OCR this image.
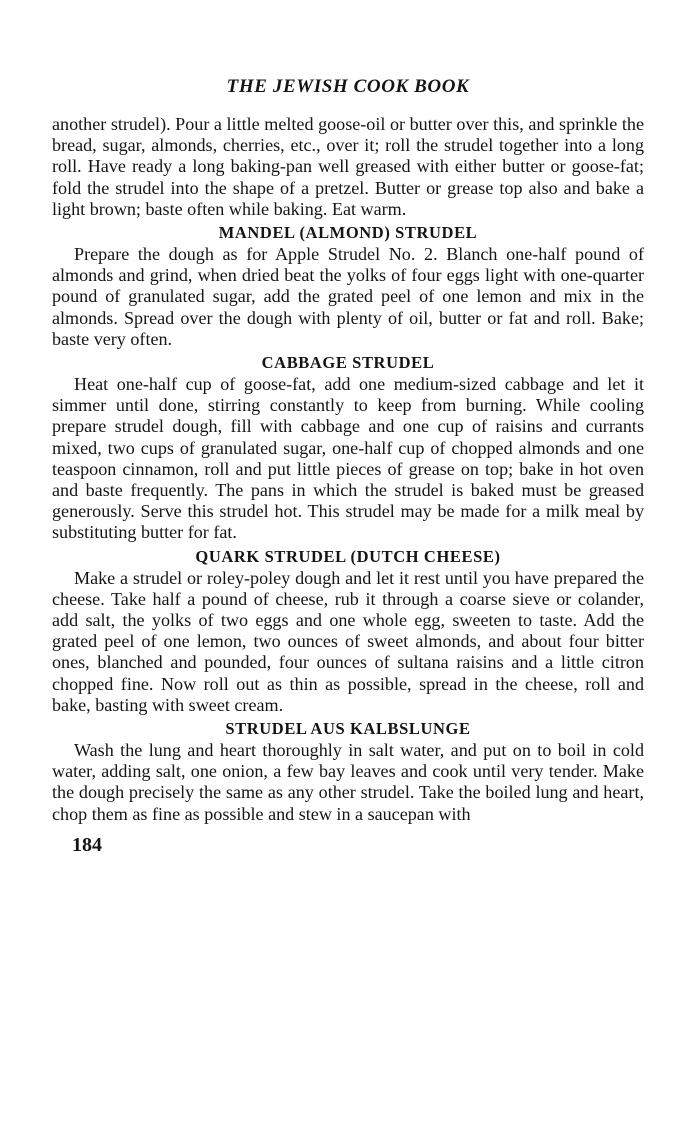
THE JEWISH COOK BOOK

another strudel). Pour a little melted goose-oil or butter over this, and sprinkle the bread, sugar, almonds, cherries, etc., over it; roll the strudel together into a long roll. Have ready a long baking-pan well greased with either butter or goose-fat; fold the strudel into the shape of a pretzel. Butter or grease top also and bake a light brown; baste often while baking. Eat warm.

MANDEL (ALMOND) STRUDEL

Prepare the dough as for Apple Strudel No. 2. Blanch one-half pound of almonds and grind, when dried beat the yolks of four eggs light with one-quarter pound of granulated sugar, add the grated peel of one lemon and mix in the almonds. Spread over the dough with plenty of oil, butter or fat and roll. Bake; baste very often.

CABBAGE STRUDEL

Heat one-half cup of goose-fat, add one medium-sized cabbage and let it simmer until done, stirring constantly to keep from burning. While cooling prepare strudel dough, fill with cabbage and one cup of raisins and currants mixed, two cups of granulated sugar, one-half cup of chopped almonds and one teaspoon cinnamon, roll and put little pieces of grease on top; bake in hot oven and baste frequently. The pans in which the strudel is baked must be greased generously. Serve this strudel hot. This strudel may be made for a milk meal by substituting butter for fat.

QUARK STRUDEL (DUTCH CHEESE)

Make a strudel or roley-poley dough and let it rest until you have prepared the cheese. Take half a pound of cheese, rub it through a coarse sieve or colander, add salt, the yolks of two eggs and one whole egg, sweeten to taste. Add the grated peel of one lemon, two ounces of sweet almonds, and about four bitter ones, blanched and pounded, four ounces of sultana raisins and a little citron chopped fine. Now roll out as thin as possible, spread in the cheese, roll and bake, basting with sweet cream.

STRUDEL AUS KALBSLUNGE

Wash the lung and heart thoroughly in salt water, and put on to boil in cold water, adding salt, one onion, a few bay leaves and cook until very tender. Make the dough precisely the same as any other strudel. Take the boiled lung and heart, chop them as fine as possible and stew in a saucepan with

184
